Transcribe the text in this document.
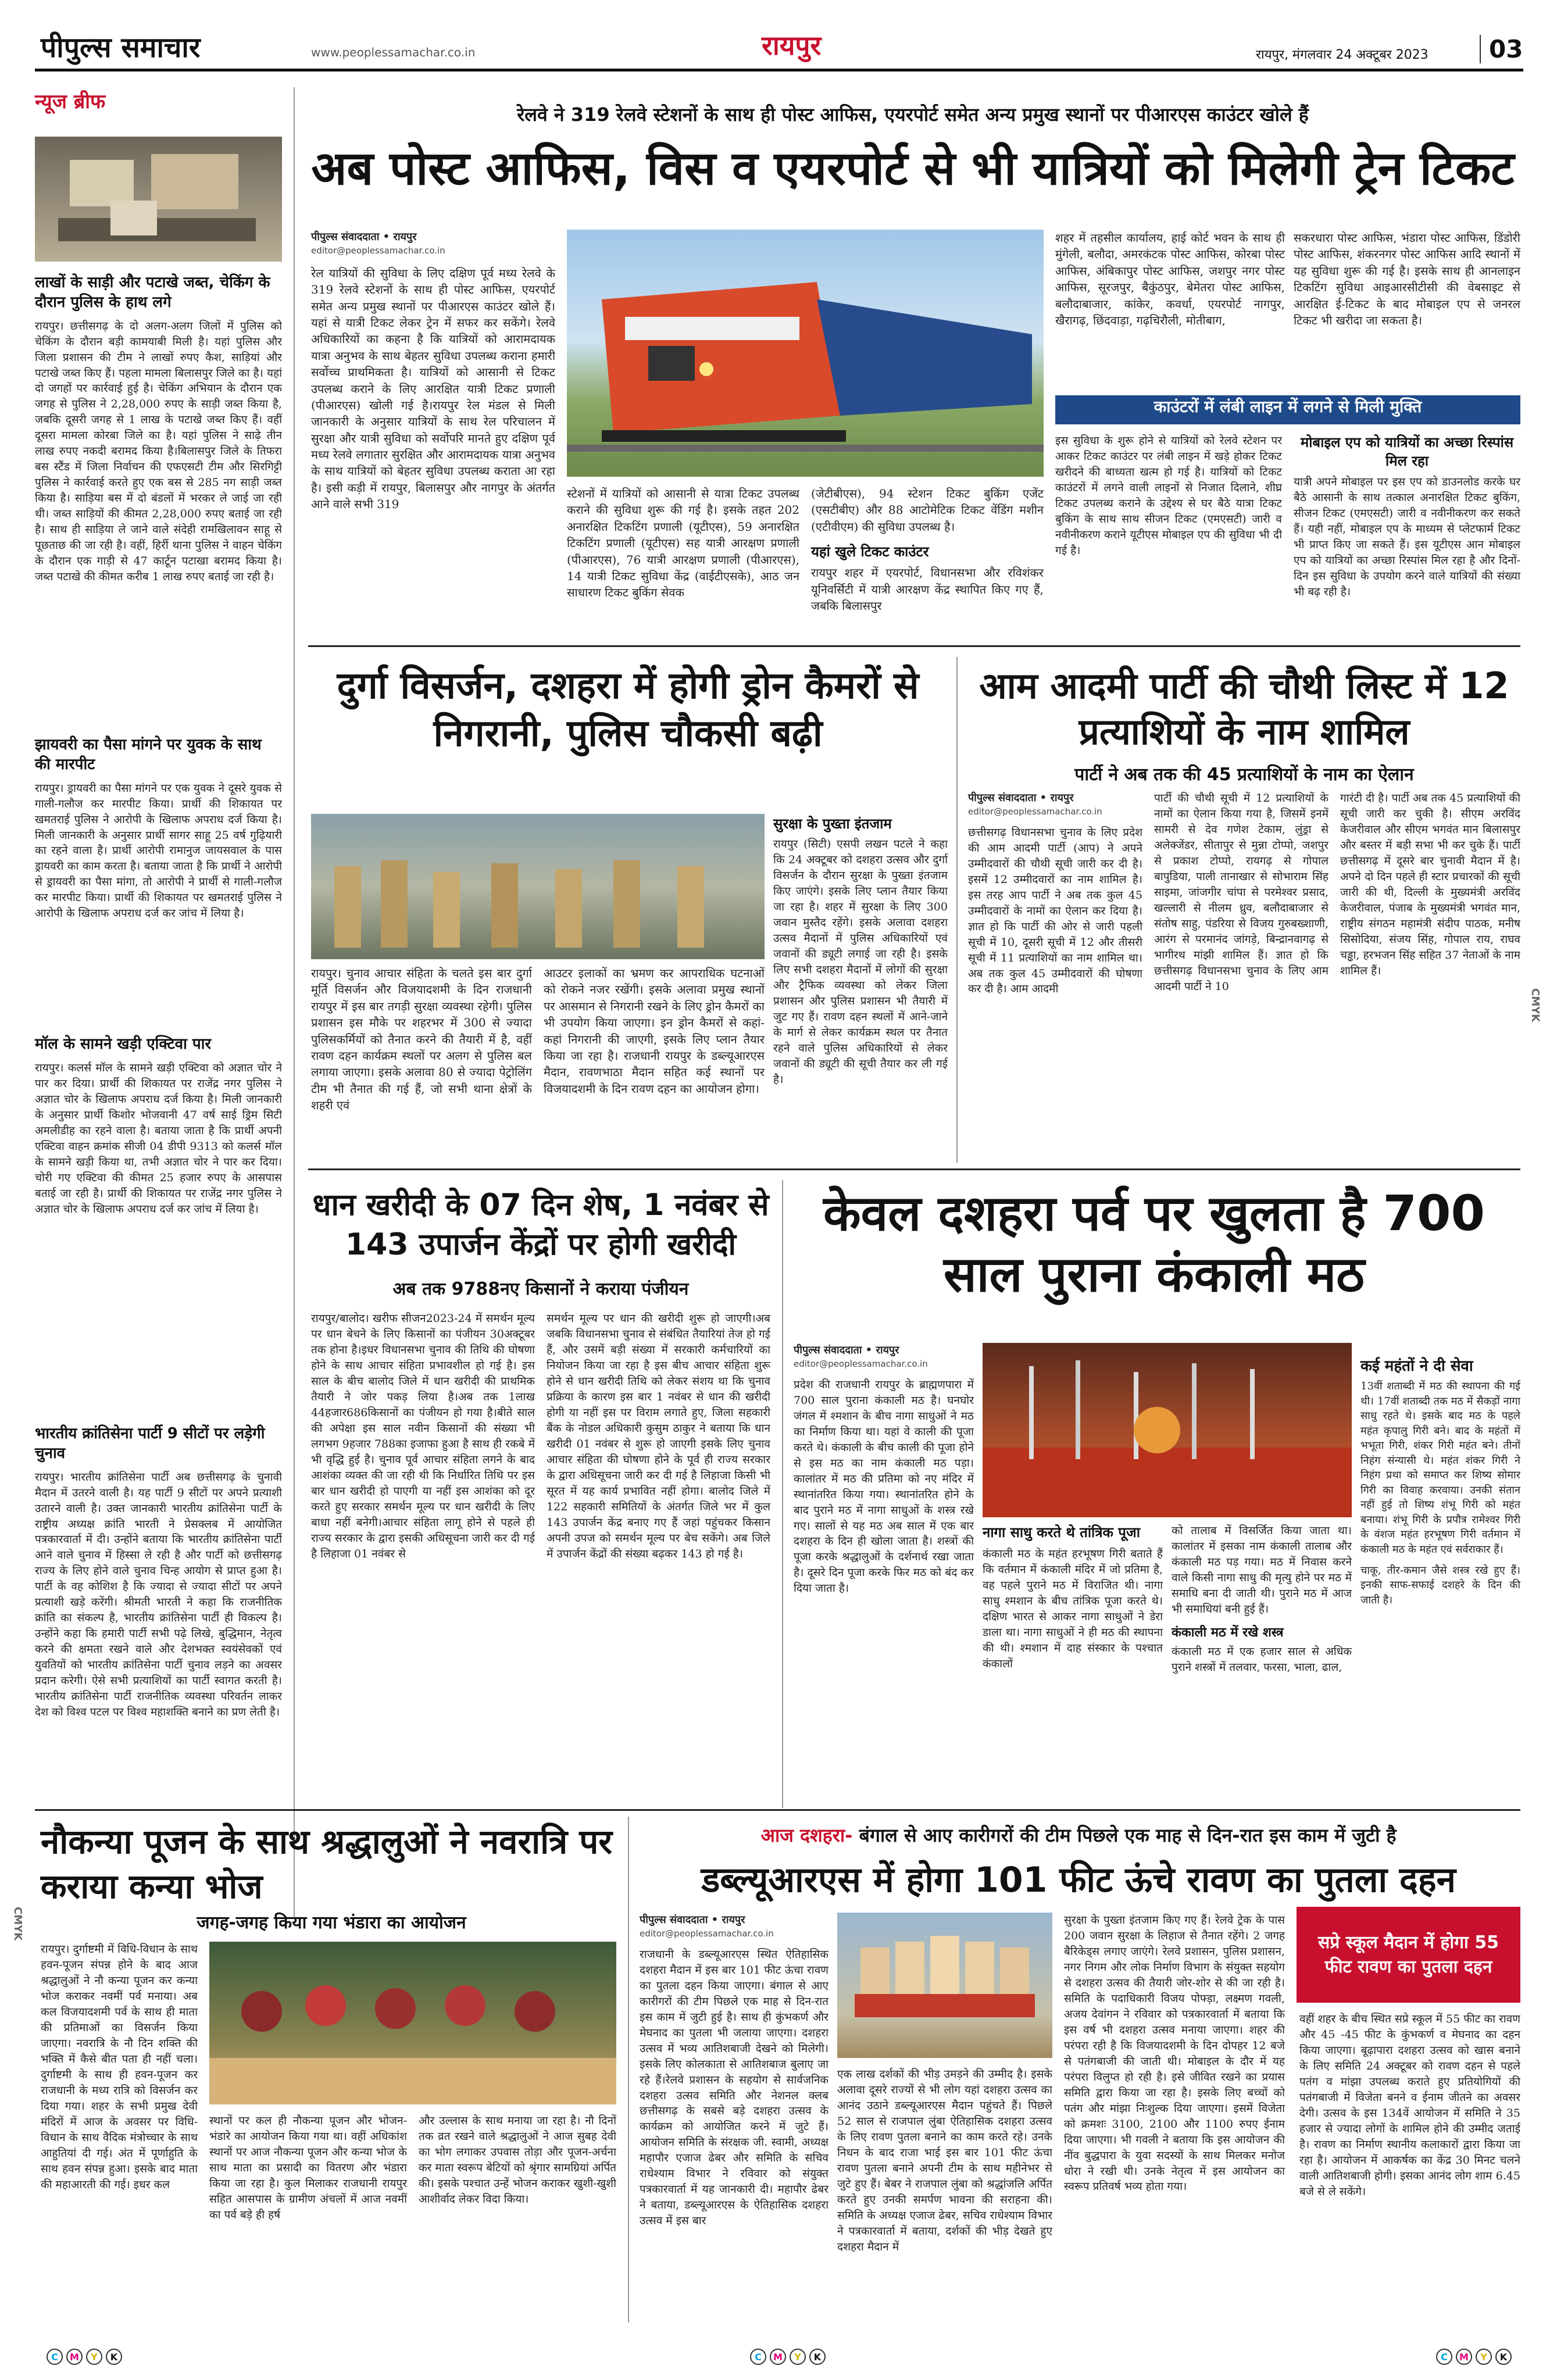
पीपुल्स समाचार	www.peoplessamachar.co.in	रायपुर	रायपुर, मंगलवार 24 अक्टूबर 2023	03
न्यूज ब्रीफ
लाखों के साड़ी और पटाखे जब्त, चेकिंग के दौरान पुलिस के हाथ लगे
रायपुर। छत्तीसगढ़ के दो अलग-अलग जिलों में पुलिस को चेकिंग के दौरान बड़ी कामयाबी मिली है। यहां पुलिस और जिला प्रशासन की टीम ने लाखों रुपए कैश, साड़ियां और पटाखे जब्त किए हैं। पहला मामला बिलासपुर जिले का है। यहां दो जगहों पर कार्रवाई हुई है। चेकिंग अभियान के दौरान एक जगह से पुलिस ने 2,28,000 रुपए के साड़ी जब्त किया है, जबकि दूसरी जगह से 1 लाख के पटाखे जब्त किए हैं। वहीं दूसरा मामला कोरबा जिले का है। यहां पुलिस ने साढ़े तीन लाख रुपए नकदी बरामद किया है।बिलासपुर जिले के तिफरा बस स्टैंड में जिला निर्वाचन की एफएसटी टीम और सिरगिट्टी पुलिस ने कार्रवाई करते हुए एक बस से 285 नग साड़ी जब्त किया है। साड़िया बस में दो बंडलों में भरकर ले जाई जा रही थी। जब्त साड़ियों की कीमत 2,28,000 रुपए बताई जा रही है। साथ ही साड़िया ले जाने वाले संदेही रामखिलावन साहू से पूछताछ की जा रही है। वहीं, हिर्री थाना पुलिस ने वाहन चेकिंग के दौरान एक गाड़ी से 47 कार्टून पटाखा बरामद किया है। जब्त पटाखे की कीमत करीब 1 लाख रुपए बताई जा रही है।
झायवरी का पैसा मांगने पर युवक के साथ की मारपीट
रायपुर। ड्रायवरी का पैसा मांगने पर एक युवक ने दूसरे युवक से गाली-गलौज कर मारपीट किया। प्रार्थी की शिकायत पर खमतराई पुलिस ने आरोपी के खिलाफ अपराध दर्ज किया है। मिली जानकारी के अनुसार प्रार्थी सागर साहू 25 वर्ष गुढ़ियारी का रहने वाला है। प्रार्थी आरोपी रामानुज जायसवाल के पास ड्रायवरी का काम करता है। बताया जाता है कि प्रार्थी ने आरोपी से ड्रायवरी का पैसा मांगा, तो आरोपी ने प्रार्थी से गाली-गलौज कर मारपीट किया। प्रार्थी की शिकायत पर खमतराई पुलिस ने आरोपी के खिलाफ अपराध दर्ज कर जांच में लिया है।
मॉल के सामने खड़ी एक्टिवा पार
रायपुर। कलर्स मॉल के सामने खड़ी एक्टिवा को अज्ञात चोर ने पार कर दिया। प्रार्थी की शिकायत पर राजेंद्र नगर पुलिस ने अज्ञात चोर के खिलाफ अपराध दर्ज किया है। मिली जानकारी के अनुसार प्रार्थी किशोर भोजवानी 47 वर्ष साई ड्रिम सिटी अमलीडीह का रहने वाला है। बताया जाता है कि प्रार्थी अपनी एक्टिवा वाहन क्रमांक सीजी 04 डीपी 9313 को कलर्स मॉल के सामने खड़ी किया था, तभी अज्ञात चोर ने पार कर दिया। चोरी गए एक्टिवा की कीमत 25 हजार रुपए के आसपास बताई जा रही है। प्रार्थी की शिकायत पर राजेंद्र नगर पुलिस ने अज्ञात चोर के खिलाफ अपराध दर्ज कर जांच में लिया है।
भारतीय क्रांतिसेना पार्टी 9 सीटों पर लड़ेगी चुनाव
रायपुर। भारतीय क्रांतिसेना पार्टी अब छत्तीसगढ़ के चुनावी मैदान में उतरने वाली है। यह पार्टी 9 सीटों पर अपने प्रत्याशी उतारने वाली है। उक्त जानकारी भारतीय क्रांतिसेना पार्टी के राष्ट्रीय अध्यक्ष क्रांति भारती ने प्रेसक्लब में आयोजित पत्रकारवार्ता में दी। उन्होंने बताया कि भारतीय क्रांतिसेना पार्टी आने वाले चुनाव में हिस्सा ले रही है और पार्टी को छत्तीसगढ़ राज्य के लिए होने वाले चुनाव चिन्ह आयोग से प्राप्त हुआ है। पार्टी के वह कोशिश है कि ज्यादा से ज्यादा सीटों पर अपने प्रत्याशी खड़े करेंगी। श्रीमती भारती ने कहा कि राजनीतिक क्रांति का संकल्प है, भारतीय क्रांतिसेना पार्टी ही विकल्प है। उन्होंने कहा कि हमारी पार्टी सभी पढ़े लिखे, बुद्धिमान, नेतृत्व करने की क्षमता रखने वाले और देशभक्त स्वयंसेवकों एवं युवतियों को भारतीय क्रांतिसेना पार्टी चुनाव लड़ने का अवसर प्रदान करेगी। ऐसे सभी प्रत्याशियों का पार्टी स्वागत करती है। भारतीय क्रांतिसेना पार्टी राजनीतिक व्यवस्था परिवर्तन लाकर देश को विश्व पटल पर विश्व महाशक्ति बनाने का प्रण लेती है।
रेलवे ने 319 रेलवे स्टेशनों के साथ ही पोस्ट आफिस, एयरपोर्ट समेत अन्य प्रमुख स्थानों पर पीआरएस काउंटर खोले हैं
अब पोस्ट आफिस, विस व एयरपोर्ट से भी यात्रियों को मिलेगी ट्रेन टिकट
पीपुल्स संवाददाता • रायपुर
editor@peoplessamachar.co.in
रेल यात्रियों की सुविधा के लिए दक्षिण पूर्व मध्य रेलवे के 319 रेलवे स्टेशनों के साथ ही पोस्ट आफिस, एयरपोर्ट समेत अन्य प्रमुख स्थानों पर पीआरएस काउंटर खोले हैं। यहां से यात्री टिकट लेकर ट्रेन में सफर कर सकेंगे। रेलवे अधिकारियों का कहना है कि यात्रियों को आरामदायक यात्रा अनुभव के साथ बेहतर सुविधा उपलब्ध कराना हमारी सर्वोच्च प्राथमिकता है। यात्रियों को आसानी से टिकट उपलब्ध कराने के लिए आरक्षित यात्री टिकट प्रणाली (पीआरएस) खोली गई है।रायपुर रेल मंडल से मिली जानकारी के अनुसार यात्रियों के साथ रेल परिचालन में सुरक्षा और यात्री सुविधा को सर्वोपरि मानते हुए दक्षिण पूर्व मध्य रेलवे लगातार सुरक्षित और आरामदायक यात्रा अनुभव के साथ यात्रियों को बेहतर सुविधा उपलब्ध कराता आ रहा है। इसी कड़ी में रायपुर, बिलासपुर और नागपुर के अंतर्गत आने वाले सभी 319
स्टेशनों में यात्रियों को आसानी से यात्रा टिकट उपलब्ध कराने की सुविधा शुरू की गई है। इसके तहत 202 अनारक्षित टिकटिंग प्रणाली (यूटीएस), 59 अनारक्षित टिकटिंग प्रणाली (यूटीएस) सह यात्री आरक्षण प्रणाली (पीआरएस), 76 यात्री आरक्षण प्रणाली (पीआरएस), 14 यात्री टिकट सुविधा केंद्र (वाईटीएसके), आठ जन साधारण टिकट बुकिंग सेवक
(जेटीबीएस), 94 स्टेशन टिकट बुकिंग एजेंट (एसटीबीए) और 88 आटोमेटिक टिकट वेंडिंग मशीन (एटीवीएम) की सुविधा उपलब्ध है।
यहां खुले टिकट काउंटर
रायपुर शहर में एयरपोर्ट, विधानसभा और रविशंकर यूनिवर्सिटी में यात्री आरक्षण केंद्र स्थापित किए गए हैं, जबकि बिलासपुर
शहर में तहसील कार्यालय, हाई कोर्ट भवन के साथ ही मुंगेली, बलौदा, अमरकंटक पोस्ट आफिस, कोरबा पोस्ट आफिस, अंबिकापुर पोस्ट आफिस, जशपुर नगर पोस्ट आफिस, सूरजपुर, बैकुंठपुर, बेमेतरा पोस्ट आफिस, बलौदाबाजार, कांकेर, कवर्धा, एयरपोर्ट नागपुर, खैरागढ़, छिंदवाड़ा, गढ़चिरौली, मोतीबाग,
सकरधारा पोस्ट आफिस, भंडारा पोस्ट आफिस, डिंडोरी पोस्ट आफिस, शंकरनगर पोस्ट आफिस आदि स्थानों में यह सुविधा शुरू की गई है। इसके साथ ही आनलाइन टिकटिंग सुविधा आइआरसीटीसी की वेबसाइट से आरक्षित ई-टिकट के बाद मोबाइल एप से जनरल टिकट भी खरीदा जा सकता है।
काउंटरों में लंबी लाइन में लगने से मिली मुक्ति
इस सुविधा के शुरू होने से यात्रियों को रेलवे स्टेशन पर आकर टिकट काउंटर पर लंबी लाइन में खड़े होकर टिकट खरीदने की बाध्यता खत्म हो गई है। यात्रियों को टिकट काउंटरों में लगने वाली लाइनों से निजात दिलाने, शीघ्र टिकट उपलब्ध कराने के उद्देश्य से घर बैठे यात्रा टिकट बुकिंग के साथ साथ सीजन टिकट (एमएसटी) जारी व नवीनीकरण कराने यूटीएस मोबाइल एप की सुविधा भी दी गई है।
मोबाइल एप को यात्रियों का अच्छा रिस्पांस मिल रहा
यात्री अपने मोबाइल पर इस एप को डाउनलोड करके घर बैठे आसानी के साथ तत्काल अनारक्षित टिकट बुकिंग, सीजन टिकट (एमएसटी) जारी व नवीनीकरण कर सकते हैं। यही नहीं, मोबाइल एप के माध्यम से प्लेटफार्म टिकट भी प्राप्त किए जा सकते हैं। इस यूटीएस आन मोबाइल एप को यात्रियों का अच्छा रिस्पांस मिल रहा है और दिनों-दिन इस सुविधा के उपयोग करने वाले यात्रियों की संख्या भी बढ़ रही है।
दुर्गा विसर्जन, दशहरा में होगी ड्रोन कैमरों से निगरानी, पुलिस चौकसी बढ़ी
सुरक्षा के पुख्ता इंतजाम
रायपुर (सिटी) एसपी लखन पटले ने कहा कि 24 अक्टूबर को दशहरा उत्सव और दुर्गा विसर्जन के दौरान सुरक्षा के पुख्ता इंतजाम किए जाएंगे। इसके लिए प्लान तैयार किया जा रहा है। शहर में सुरक्षा के लिए 300 जवान मुस्तैद रहेंगे। इसके अलावा दशहरा उत्सव मैदानों में पुलिस अधिकारियों एवं जवानों की ड्यूटी लगाई जा रही है। इसके लिए सभी दशहरा मैदानों में लोगों की सुरक्षा और ट्रैफिक व्यवस्था को लेकर जिला प्रशासन और पुलिस प्रशासन भी तैयारी में जुट गए हैं। रावण दहन स्थलों में आने-जाने के मार्ग से लेकर कार्यक्रम स्थल पर तैनात रहने वाले पुलिस अधिकारियों से लेकर जवानों की ड्यूटी की सूची तैयार कर ली गई है।
रायपुर। चुनाव आचार संहिता के चलते इस बार दुर्गा मूर्ति विसर्जन और विजयादशमी के दिन राजधानी रायपुर में इस बार तगड़ी सुरक्षा व्यवस्था रहेगी। पुलिस प्रशासन इस मौके पर शहरभर में 300 से ज्यादा पुलिसकर्मियों को तैनात करने की तैयारी में है, वहीं रावण दहन कार्यक्रम स्थलों पर अलग से पुलिस बल लगाया जाएगा। इसके अलावा 80 से ज्यादा पेट्रोलिंग टीम भी तैनात की गई हैं, जो सभी थाना क्षेत्रों के शहरी एवं
आउटर इलाकों का भ्रमण कर आपराधिक घटनाओं को रोकने नजर रखेंगी। इसके अलावा प्रमुख स्थानों पर आसमान से निगरानी रखने के लिए ड्रोन कैमरों का भी उपयोग किया जाएगा। इन ड्रोन कैमरों से कहां-कहां निगरानी की जाएगी, इसके लिए प्लान तैयार किया जा रहा है। राजधानी रायपुर के डब्ल्यूआरएस मैदान, रावणभाठा मैदान सहित कई स्थानों पर विजयादशमी के दिन रावण दहन का आयोजन होगा।
आम आदमी पार्टी की चौथी लिस्ट में 12 प्रत्याशियों के नाम शामिल
पार्टी ने अब तक की 45 प्रत्याशियों के नाम का ऐलान
पीपुल्स संवाददाता • रायपुर
editor@peoplessamachar.co.in
छत्तीसगढ़ विधानसभा चुनाव के लिए प्रदेश की आम आदमी पार्टी (आप) ने अपने उम्मीदवारों की चौथी सूची जारी कर दी है। इसमें 12 उम्मीदवारों का नाम शामिल है। इस तरह आप पार्टी ने अब तक कुल 45 उम्मीदवारों के नामों का ऐलान कर दिया है। ज्ञात हो कि पार्टी की ओर से जारी पहली सूची में 10, दूसरी सूची में 12 और तीसरी सूची में 11 प्रत्याशियों का नाम शामिल था। अब तक कुल 45 उम्मीदवारों की घोषणा कर दी है। आम आदमी
पार्टी की चौथी सूची में 12 प्रत्याशियों के नामों का ऐलान किया गया है, जिसमें इनमें सामरी से देव गणेश टेकाम, लुंड्रा से अलेक्जेंडर, सीतापुर से मुन्ना टोप्पो, जशपुर से प्रकाश टोप्पो, रायगढ़ से गोपाल बापुडिया, पाली तानाखार से सोभाराम सिंह साइमा, जांजगीर चांपा से परमेश्वर प्रसाद, खल्लारी से नीलम ध्रुव, बलौदाबाजार से संतोष साहु, पंडरिया से विजय गुरुबख्शाणी, आरंग से परमानंद जांगड़े, बिन्द्रानवागढ़ से भागीरथ मांझी शामिल हैं। ज्ञात हो कि छत्तीसगढ़ विधानसभा चुनाव के लिए आम आदमी पार्टी ने 10
गारंटी दी है। पार्टी अब तक 45 प्रत्याशियों की सूची जारी कर चुकी है। सीएम अरविंद केजरीवाल और सीएम भगवंत मान बिलासपुर और बस्तर में बड़ी सभा भी कर चुके हैं। पार्टी छत्तीसगढ़ में दूसरे बार चुनावी मैदान में है। अपने दो दिन पहले ही स्टार प्रचारकों की सूची जारी की थी, दिल्ली के मुख्यमंत्री अरविंद केजरीवाल, पंजाब के मुख्यमंत्री भगवंत मान, राष्ट्रीय संगठन महामंत्री संदीप पाठक, मनीष सिसोदिया, संजय सिंह, गोपाल राय, राघव चड्ढा, हरभजन सिंह सहित 37 नेताओं के नाम शामिल हैं।
धान खरीदी के 07 दिन शेष, 1 नवंबर से 143 उपार्जन केंद्रों पर होगी खरीदी
अब तक 9788नए किसानों ने कराया पंजीयन
रायपुर/बालोद। खरीफ सीजन2023-24 में समर्थन मूल्य पर धान बेचने के लिए किसानों का पंजीयन 30अक्टूबर तक होना है।इधर विधानसभा चुनाव की तिथि की घोषणा होने के साथ आचार संहिता प्रभावशील हो गई है। इस साल के बीच बालोद जिले में धान खरीदी की प्राथमिक तैयारी ने जोर पकड़ लिया है।अब तक 1लाख 44हजार686किसानों का पंजीयन हो गया है।बीते साल की अपेक्षा इस साल नवीन किसानों की संख्या भी लगभग 9हजार 788का इजाफा हुआ है साथ ही रकबे में भी वृद्धि हुई है। चुनाव पूर्व आचार संहिता लगने के बाद आशंका व्यक्त की जा रही थी कि निर्धारित तिथि पर इस बार धान खरीदी हो पाएगी या नहीं इस आशंका को दूर करते हुए सरकार समर्थन मूल्य पर धान खरीदी के लिए बाधा नहीं बनेगी।आचार संहिता लागू होने से पहले ही राज्य सरकार के द्वारा इसकी अधिसूचना जारी कर दी गई है लिहाजा 01 नवंबर से
समर्थन मूल्य पर धान की खरीदी शुरू हो जाएगी।अब जबकि विधानसभा चुनाव से संबंधित तैयारियां तेज हो गई हैं, और उसमें बड़ी संख्या में सरकारी कर्मचारियों का नियोजन किया जा रहा है इस बीच आचार संहिता शुरू होने से धान खरीदी तिथि को लेकर संशय था कि चुनाव प्रक्रिया के कारण इस बार 1 नवंबर से धान की खरीदी होगी या नहीं इस पर विराम लगाते हुए, जिला सहकारी बैंक के नोडल अधिकारी कुसुम ठाकुर ने बताया कि धान खरीदी 01 नवंबर से शुरू हो जाएगी इसके लिए चुनाव आचार संहिता की घोषणा होने के पूर्व ही राज्य सरकार के द्वारा अधिसूचना जारी कर दी गई है लिहाजा किसी भी सूरत में यह कार्य प्रभावित नहीं होगा। बालोद जिले में 122 सहकारी समितियों के अंतर्गत जिले भर में कुल 143 उपार्जन केंद्र बनाए गए हैं जहां पहुंचकर किसान अपनी उपज को समर्थन मूल्य पर बेच सकेंगे। अब जिले में उपार्जन केंद्रों की संख्या बढ़कर 143 हो गई है।
केवल दशहरा पर्व पर खुलता है 700 साल पुराना कंकाली मठ
पीपुल्स संवाददाता • रायपुर
editor@peoplessamachar.co.in
प्रदेश की राजधानी रायपुर के ब्राह्मणपारा में 700 साल पुराना कंकाली मठ है। घनघोर जंगल में श्मशान के बीच नागा साधुओं ने मठ का निर्माण किया था। यहां वे काली की पूजा करते थे। कंकाली के बीच काली की पूजा होने से इस मठ का नाम कंकाली मठ पड़ा। कालांतर में मठ की प्रतिमा को नए मंदिर में स्थानांतरित किया गया। स्थानांतरित होने के बाद पुराने मठ में नागा साधुओं के शस्त्र रखे गए। सालों से यह मठ अब साल में एक बार दशहरा के दिन ही खोला जाता है। शस्त्रों की पूजा करके श्रद्धालुओं के दर्शनार्थ रखा जाता है। दूसरे दिन पूजा करके फिर मठ को बंद कर दिया जाता है।
नागा साधु करते थे तांत्रिक पूजा
कंकाली मठ के महंत हरभूषण गिरी बताते हैं कि वर्तमान में कंकाली मंदिर में जो प्रतिमा है, वह पहले पुराने मठ में विराजित थी। नागा साधु श्मशान के बीच तांत्रिक पूजा करते थे। दक्षिण भारत से आकर नागा साधुओं ने डेरा डाला था। नागा साधुओं ने ही मठ की स्थापना की थी। श्मशान में दाह संस्कार के पश्चात कंकालों
को तालाब में विसर्जित किया जाता था। कालांतर में इसका नाम कंकाली तालाब और कंकाली मठ पड़ गया। मठ में निवास करने वाले किसी नागा साधु की मृत्यु होने पर मठ में समाधि बना दी जाती थी। पुराने मठ में आज भी समाधियां बनी हुई हैं।
कंकाली मठ में रखे शस्त्र
कंकाली मठ में एक हजार साल से अधिक पुराने शस्त्रों में तलवार, फरसा, भाला, ढाल,
कई महंतों ने दी सेवा
13वीं शताब्दी में मठ की स्थापना की गई थी। 17वीं शताब्दी तक मठ में सैकड़ों नागा साधु रहते थे। इसके बाद मठ के पहले महंत कृपालु गिरी बने। बाद के महंतों में भभूता गिरी, शंकर गिरी महंत बने। तीनों निहंग संन्यासी थे। महंत शंकर गिरी ने निहंग प्रथा को समाप्त कर शिष्य सोमार गिरी का विवाह करवाया। उनकी संतान नहीं हुई तो शिष्य शंभू गिरी को महंत बनाया। शंभू गिरी के प्रपौत्र रामेश्वर गिरी के वंशज महंत हरभूषण गिरी वर्तमान में कंकाली मठ के महंत एवं सर्वराकार हैं।
चाकू, तीर-कमान जैसे शस्त्र रखे हुए हैं। इनकी साफ-सफाई दशहरे के दिन की जाती है।
नौकन्या पूजन के साथ श्रद्धालुओं ने नवरात्रि पर कराया कन्या भोज
जगह-जगह किया गया भंडारा का आयोजन
रायपुर। दुर्गाष्टमी में विधि-विधान के साथ हवन-पूजन संपन्न होने के बाद आज श्रद्धालुओं ने नौ कन्या पूजन कर कन्या भोज कराकर नवमीं पर्व मनाया। अब कल विजयादशमी पर्व के साथ ही माता की प्रतिमाओं का विसर्जन किया जाएगा। नवरात्रि के नौ दिन शक्ति की भक्ति में कैसे बीत पता ही नहीं चला। दुर्गाष्टमी के साथ ही हवन-पूजन कर राजधानी के मध्य रात्रि को विसर्जन कर दिया गया। शहर के सभी प्रमुख देवी मंदिरों में आज के अवसर पर विधि-विधान के साथ वैदिक मंत्रोच्चार के साथ आहुतियां दी गई। अंत में पूर्णाहुति के साथ हवन संपन्न हुआ। इसके बाद माता की महाआरती की गई। इधर कल
स्थानों पर कल ही नौकन्या पूजन और भोजन-भंडारे का आयोजन किया गया था। वहीं अधिकांश स्थानों पर आज नौकन्या पूजन और कन्या भोज के साथ माता का प्रसादी का वितरण और भंडारा किया जा रहा है। कुल मिलाकर राजधानी रायपुर सहित आसपास के ग्रामीण अंचलों में आज नवमीं का पर्व बड़े ही हर्ष
और उल्लास के साथ मनाया जा रहा है। नौ दिनों तक व्रत रखने वाले श्रद्धालुओं ने आज सुबह देवी का भोग लगाकर उपवास तोड़ा और पूजन-अर्चना कर माता स्वरूप बेटियों को श्रृंगार सामग्रियां अर्पित की। इसके पश्चात उन्हें भोजन कराकर खुशी-खुशी आशीर्वाद लेकर विदा किया।
आज दशहरा- बंगाल से आए कारीगरों की टीम पिछले एक माह से दिन-रात इस काम में जुटी है
डब्ल्यूआरएस में होगा 101 फीट ऊंचे रावण का पुतला दहन
पीपुल्स संवाददाता • रायपुर
editor@peoplessamachar.co.in
राजधानी के डब्ल्यूआरएस स्थित ऐतिहासिक दशहरा मैदान में इस बार 101 फीट ऊंचा रावण का पुतला दहन किया जाएगा। बंगाल से आए कारीगरों की टीम पिछले एक माह से दिन-रात इस काम में जुटी हुई है। साथ ही कुंभकर्ण और मेघनाद का पुतला भी जलाया जाएगा। दशहरा उत्सव में भव्य आतिशबाजी देखने को मिलेगी। इसके लिए कोलकाता से आतिशबाज बुलाए जा रहे हैं।रेलवे प्रशासन के सहयोग से सार्वजनिक दशहरा उत्सव समिति और नेशनल क्लब छत्तीसगढ़ के सबसे बड़े दशहरा उत्सव के कार्यक्रम को आयोजित करने में जुटे हैं। आयोजन समिति के संरक्षक जी. स्वामी, अध्यक्ष महापौर एजाज ढेबर और समिति के सचिव राधेश्याम विभार ने रविवार को संयुक्त पत्रकारवार्ता में यह जानकारी दी। महापौर ढेबर ने बताया, डब्ल्यूआरएस के ऐतिहासिक दशहरा उत्सव में इस बार
एक लाख दर्शकों की भीड़ उमड़ने की उम्मीद है। इसके अलावा दूसरे राज्यों से भी लोग यहां दशहरा उत्सव का आनंद उठाने डब्ल्यूआरएस मैदान पहुंचते हैं। पिछले 52 साल से राजपाल लुंबा ऐतिहासिक दशहरा उत्सव के लिए रावण पुतला बनाने का काम करते रहे। उनके निधन के बाद राजा भाई इस बार 101 फीट ऊंचा रावण पुतला बनाने अपनी टीम के साथ महीनेभर से जुटे हुए हैं। बेबर ने राजपाल लुंबा को श्रद्धांजलि अर्पित करते हुए उनकी समर्पण भावना की सराहना की। समिति के अध्यक्ष एजाज ढेबर, सचिव राधेश्याम विभार ने पत्रकारवार्ता में बताया, दर्शकों की भीड़ देखते हुए दशहरा मैदान में
सुरक्षा के पुख्ता इंतजाम किए गए हैं। रेलवे ट्रेक के पास 200 जवान सुरक्षा के लिहाज से तैनात रहेंगे। 2 जगह बैरिकेड्स लगाए जाएंगे। रेलवे प्रशासन, पुलिस प्रशासन, नगर निगम और लोक निर्माण विभाग के संयुक्त सहयोग से दशहरा उत्सव की तैयारी जोर-शोर से की जा रही है। समिति के पदाधिकारी विजय पोफ्ड़ा, लक्ष्मण गवली, अजय देवांगन ने रविवार को पत्रकारवार्ता में बताया कि इस वर्ष भी दशहरा उत्सव मनाया जाएगा। शहर की परंपरा रही है कि विजयादशमी के दिन दोपहर 12 बजे से पतंगबाजी की जाती थी। मोबाइल के दौर में यह परंपरा विलुप्त हो रही है। इसे जीवित रखने का प्रयास समिति द्वारा किया जा रहा है। इसके लिए बच्चों को पतंग और मांझा निःशुल्क दिया जाएगा। इसमें विजेता को क्रमशः 3100, 2100 और 1100 रुपए ईनाम दिया जाएगा। भी गवली ने बताया कि इस आयोजन की नींव बुद्धपारा के युवा सदस्यों के साथ मिलकर मनोज धोरा ने रखी थी। उनके नेतृत्व में इस आयोजन का स्वरूप प्रतिवर्ष भव्य होता गया।
सप्रे स्कूल मैदान में होगा 55 फीट रावण का पुतला दहन
वहीं शहर के बीच स्थित सप्रे स्कूल में 55 फीट का रावण और 45 -45 फीट के कुंभकर्ण व मेघनाद का दहन किया जाएगा। बूढ़ापारा दशहरा उत्सव को खास बनाने के लिए समिति 24 अक्टूबर को रावण दहन से पहले पतंग व मांझा उपलब्ध कराते हुए प्रतियोगियों की पतंगबाजी में विजेता बनने व ईनाम जीतने का अवसर देगी। उत्सव के इस 134वें आयोजन में समिति ने 35 हजार से ज्यादा लोगों के शामिल होने की उम्मीद जताई है। रावण का निर्माण स्थानीय कलाकारों द्वारा किया जा रहा है। आयोजन में आकर्षक का केंद्र 30 मिनट चलने वाली आतिशबाजी होगी। इसका आनंद लोग शाम 6.45 बजे से ले सकेंगे।
C	M	Y	K	C	M	Y	K	C	M	Y	K
CMYK
CMYK
